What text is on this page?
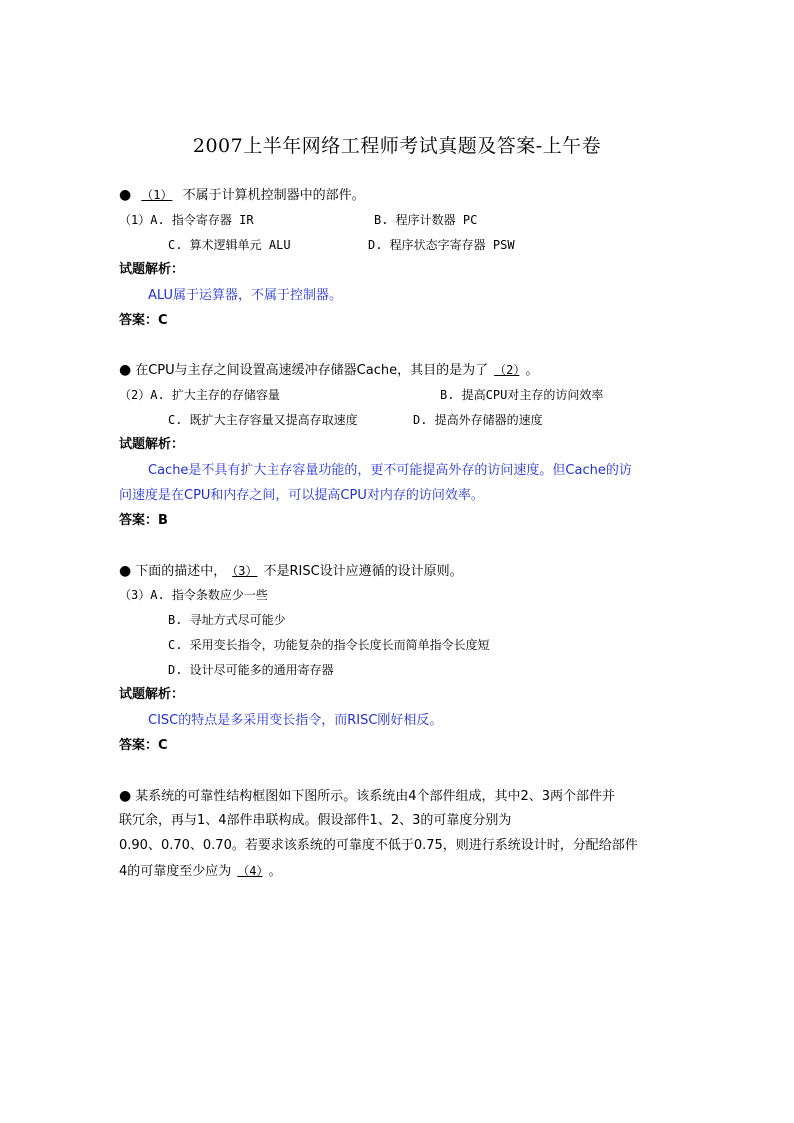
2007上半年网络工程师考试真题及答案-上午卷
● （1） 不属于计算机控制器中的部件。
（1）A. 指令寄存器 IR	B. 程序计数器 PC
C. 算术逻辑单元 ALU	D. 程序状态字寄存器 PSW
试题解析：
ALU属于运算器，不属于控制器。
答案：C
● 在CPU与主存之间设置高速缓冲存储器Cache，其目的是为了 （2） 。
（2）A. 扩大主存的存储容量	B. 提高CPU对主存的访问效率
C. 既扩大主存容量又提高存取速度	D. 提高外存储器的速度
试题解析：
Cache是不具有扩大主存容量功能的，更不可能提高外存的访问速度。但Cache的访
问速度是在CPU和内存之间，可以提高CPU对内存的访问效率。
答案：B
● 下面的描述中， （3） 不是RISC设计应遵循的设计原则。
（3）A. 指令条数应少一些
B. 寻址方式尽可能少
C. 采用变长指令，功能复杂的指令长度长而简单指令长度短
D. 设计尽可能多的通用寄存器
试题解析：
CISC的特点是多采用变长指令，而RISC刚好相反。
答案：C
● 某系统的可靠性结构框图如下图所示。该系统由4个部件组成，其中2、3两个部件并
联冗余，再与1、4部件串联构成。假设部件1、2、3的可靠度分别为
0.90、0.70、0.70。若要求该系统的可靠度不低于0.75，则进行系统设计时，分配给部件
4的可靠度至少应为 （4） 。
